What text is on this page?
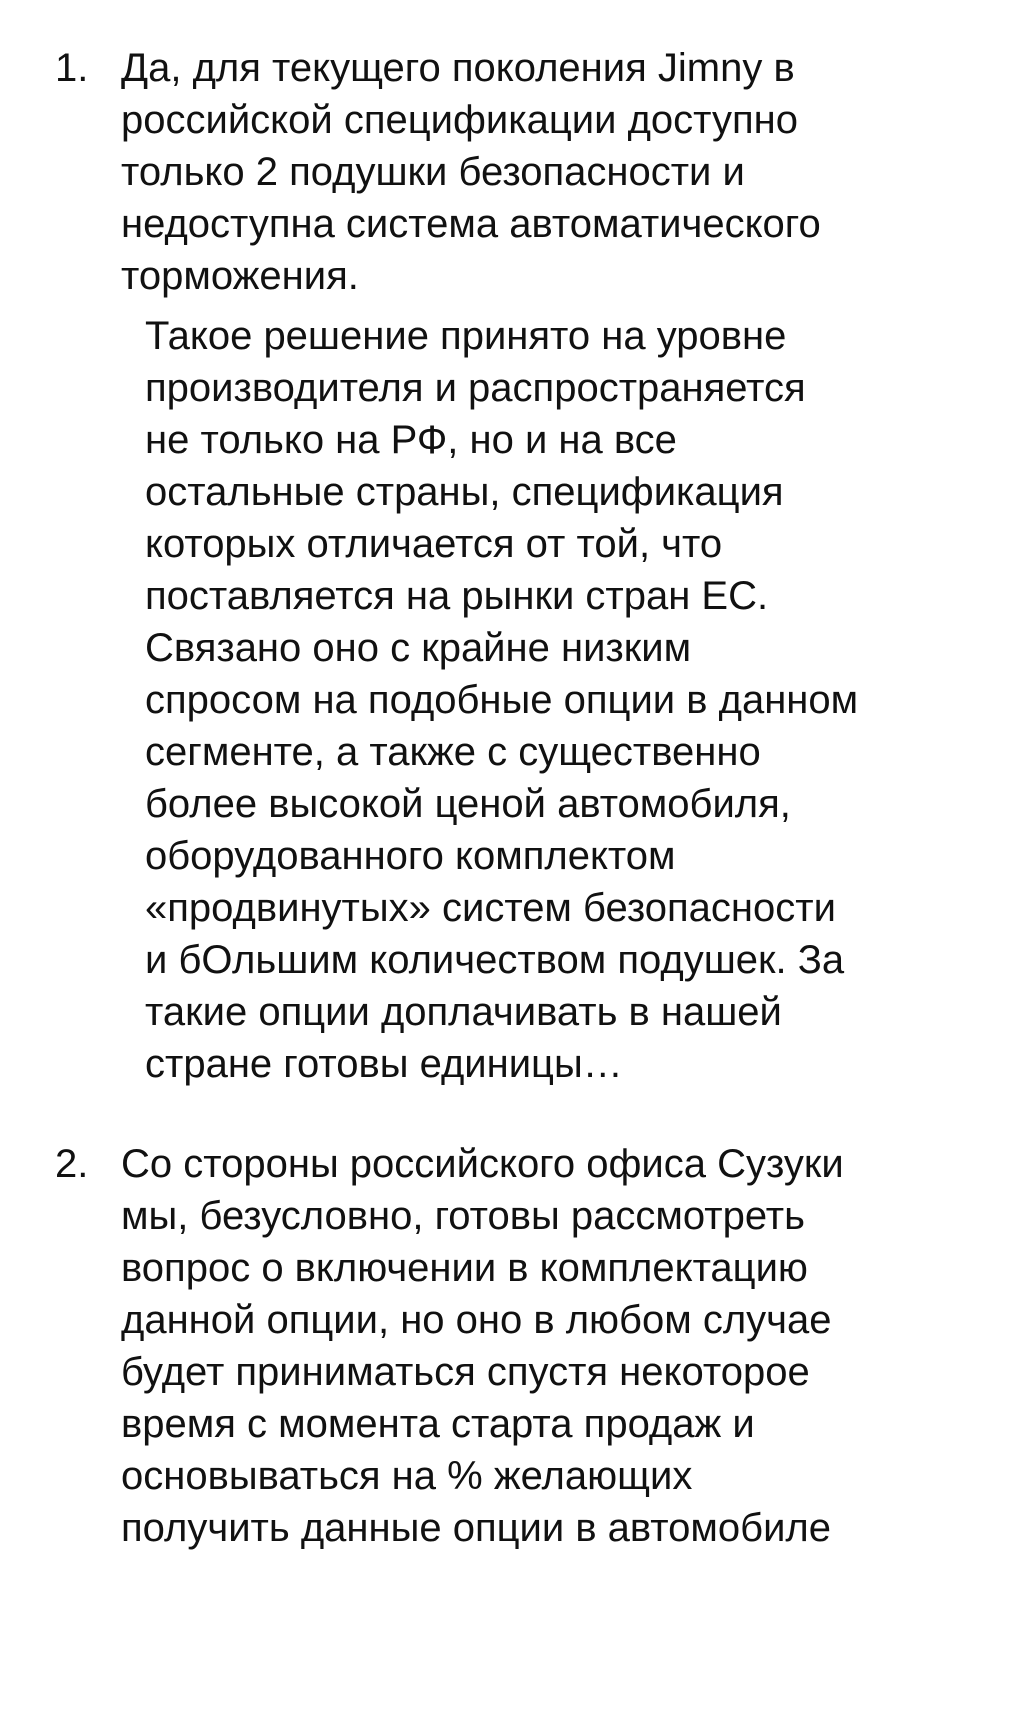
1. Да, для текущего поколения Jimny в
российской спецификации доступно
только 2 подушки безопасности и
недоступна система автоматического
торможения.
Такое решение принято на уровне
производителя и распространяется
не только на РФ, но и на все
остальные страны, спецификация
которых отличается от той, что
поставляется на рынки стран ЕС.
Связано оно с крайне низким
спросом на подобные опции в данном
сегменте, а также с существенно
более высокой ценой автомобиля,
оборудованного комплектом
«продвинутых» систем безопасности
и бОльшим количеством подушек. За
такие опции доплачивать в нашей
стране готовы единицы…
2. Со стороны российского офиса Сузуки
мы, безусловно, готовы рассмотреть
вопрос о включении в комплектацию
данной опции, но оно в любом случае
будет приниматься спустя некоторое
время с момента старта продаж и
основываться на % желающих
получить данные опции в автомобиле
